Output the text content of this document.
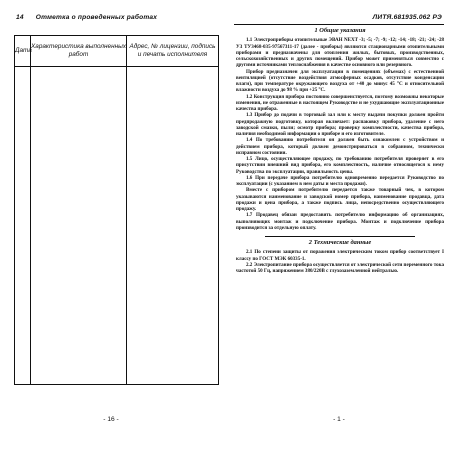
14 Отметка о проведенных работах
Дата	Характеристика выполненных работ	Адрес, № лицензии, подпись и печать исполнителя

- 16 -
ЛИТЯ.681935.062 РЭ
1 Общие указания

1.1 Электроприборы отопительные ЭВАН NEXT -3; -5; -7; -9; -12; -14; -18; -21; -24; -28 УЗ ТУ3468-035-97567311-17 (далее - приборы) являются стационарными отопительными приборами и предназначены для отопления жилых, бытовых, производственных, сельскохозяйственных и других помещений. Прибор может применяться совместно с другими источниками теплоснабжения в качестве основного или резервного.

Прибор предназначен для эксплуатации в помещениях (объемах) с естественной вентиляцией (отсутствие воздействия атмосферных осадков, отсутствие конденсации влаги), при температуре окружающего воздуха от +40 до минус 45 °С и относительной влажности воздуха до 98 % при +25 °С.

1.2 Конструкция прибора постоянно совершенствуется, поэтому возможны некоторые изменения, не отраженные в настоящем Руководстве и не ухудшающие эксплуатационные качества прибора.

1.3 Прибор до подачи в торговый зал или к месту выдачи покупки должен пройти предпродажную подготовку, которая включает: распаковку прибора, удаление с него заводской смазки, пыли; осмотр прибора; проверку комплектности, качества прибора, наличия необходимой информации о приборе и его изготовителе.

1.4 По требованию потребителя он должен быть ознакомлен с устройством и действием прибора, который должен демонстрироваться в собранном, технически исправном состоянии.

1.5 Лицо, осуществляющее продажу, по требованию потребителя проверяет в его присутствии внешний вид прибора, его комплектность, наличие относящегося к нему Руководства по эксплуатации, правильность цены.

1.6 При передаче прибора потребителю одновременно передается Руководство по эксплуатации (с указанием в нем даты и места продажи).

Вместе с прибором потребителю передается также товарный чек, в котором указываются наименование и заводской номер прибора, наименование продавца, дата продажи и цена прибора, а также подпись лица, непосредственно осуществляющего продажу.

1.7 Продавец обязан предоставить потребителю информацию об организациях, выполняющих монтаж и подключение прибора. Монтаж и подключение прибора производится за отдельную оплату.

2 Технические данные

2.1 По степени защиты от поражения электрическим током прибор соответствует I классу по ГОСТ МЭК 60335-1.

2.2 Электропитание прибора осуществляется от электрической сети переменного тока частотой 50 Гц, напряжением 380/220В с глухозаземленной нейтралью.

- 1 -
